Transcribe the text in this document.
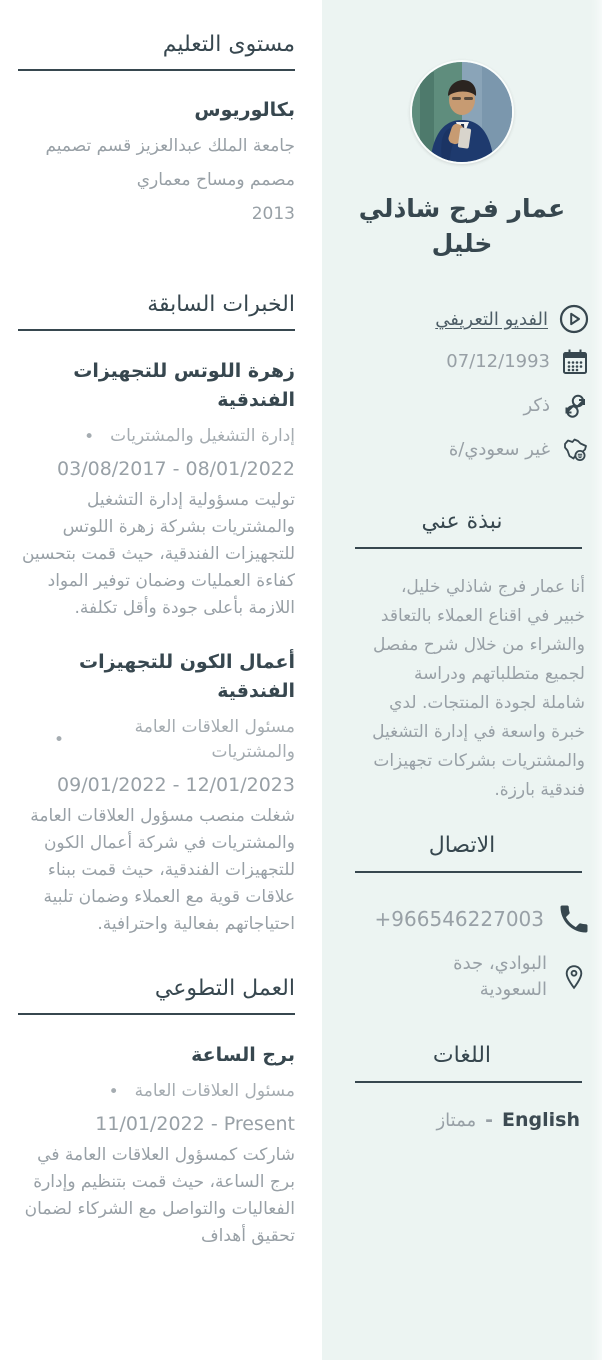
مستوى التعليم
بكالوريوس
جامعة الملك عبدالعزيز قسم تصميم
مصمم ومساح معماري
2013
الخبرات السابقة
زهرة اللوتس للتجهيزات الفندقية
إدارة التشغيل والمشتريات
•
03/08/2017 - 08/01/2022
توليت مسؤولية إدارة التشغيل والمشتريات بشركة زهرة اللوتس للتجهيزات الفندقية، حيث قمت بتحسين كفاءة العمليات وضمان توفير المواد اللازمة بأعلى جودة وأقل تكلفة.
أعمال الكون للتجهيزات الفندقية
مسئول العلاقات العامة والمشتريات
•
09/01/2022 - 12/01/2023
شغلت منصب مسؤول العلاقات العامة والمشتريات في شركة أعمال الكون للتجهيزات الفندقية، حيث قمت ببناء علاقات قوية مع العملاء وضمان تلبية احتياجاتهم بفعالية واحترافية.
العمل التطوعي
برج الساعة
مسئول العلاقات العامة
•
11/01/2022 - Present
شاركت كمسؤول العلاقات العامة في برج الساعة، حيث قمت بتنظيم وإدارة الفعاليات والتواصل مع الشركاء لضمان تحقيق أهداف
عمار فرج شاذلي خليل
الفديو التعريفي
07/12/1993
ذكر
غير سعودي/ة
نبذة عني
أنا عمار فرج شاذلي خليل، خبير في اقناع العملاء بالتعاقد والشراء من خلال شرح مفصل لجميع متطلباتهم ودراسة شاملة لجودة المنتجات. لدي خبرة واسعة في إدارة التشغيل والمشتريات بشركات تجهيزات فندقية بارزة.
الاتصال
+966546227003
البوادي، جدة السعودية
اللغات
English
-
ممتاز
